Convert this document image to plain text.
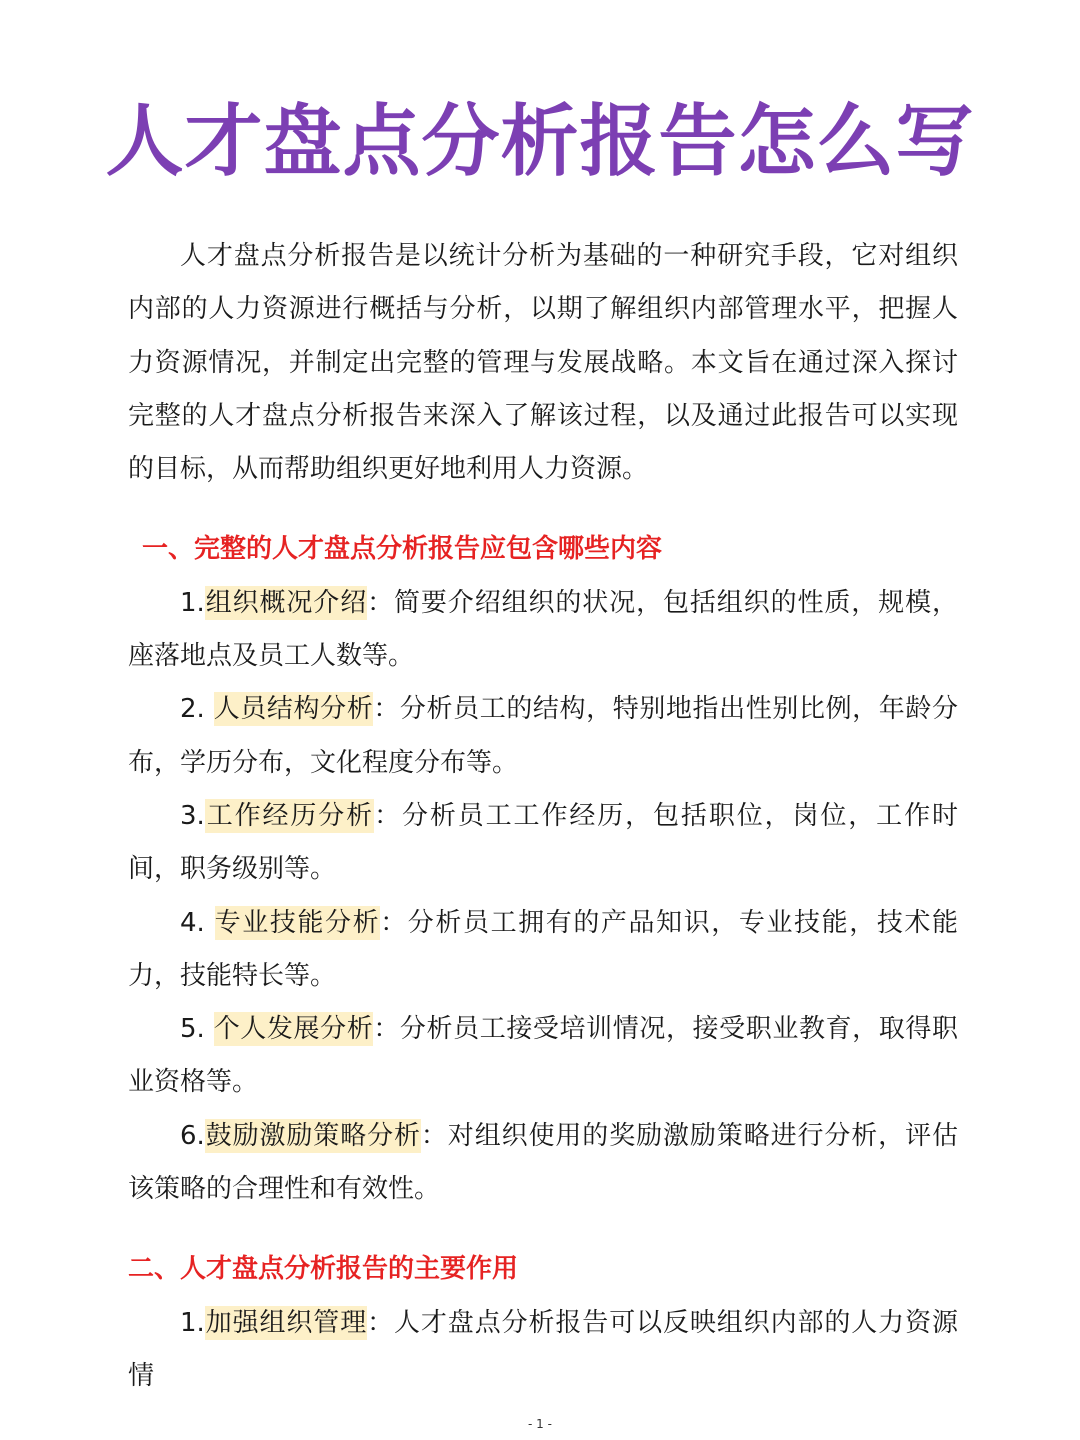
人才盘点分析报告怎么写

人才盘点分析报告是以统计分析为基础的一种研究手段，它对组织内部的人力资源进行概括与分析，以期了解组织内部管理水平，把握人力资源情况，并制定出完整的管理与发展战略。本文旨在通过深入探讨完整的人才盘点分析报告来深入了解该过程，以及通过此报告可以实现的目标，从而帮助组织更好地利用人力资源。

一、完整的人才盘点分析报告应包含哪些内容

1.组织概况介绍：简要介绍组织的状况，包括组织的性质，规模，座落地点及员工人数等。

2. 人员结构分析：分析员工的结构，特别地指出性别比例，年龄分布，学历分布，文化程度分布等。

3.工作经历分析：分析员工工作经历，包括职位，岗位，工作时间，职务级别等。

4. 专业技能分析：分析员工拥有的产品知识，专业技能，技术能力，技能特长等。

5. 个人发展分析：分析员工接受培训情况，接受职业教育，取得职业资格等。

6.鼓励激励策略分析：对组织使用的奖励激励策略进行分析，评估该策略的合理性和有效性。

二、人才盘点分析报告的主要作用

1.加强组织管理：人才盘点分析报告可以反映组织内部的人力资源情

- 1 -
